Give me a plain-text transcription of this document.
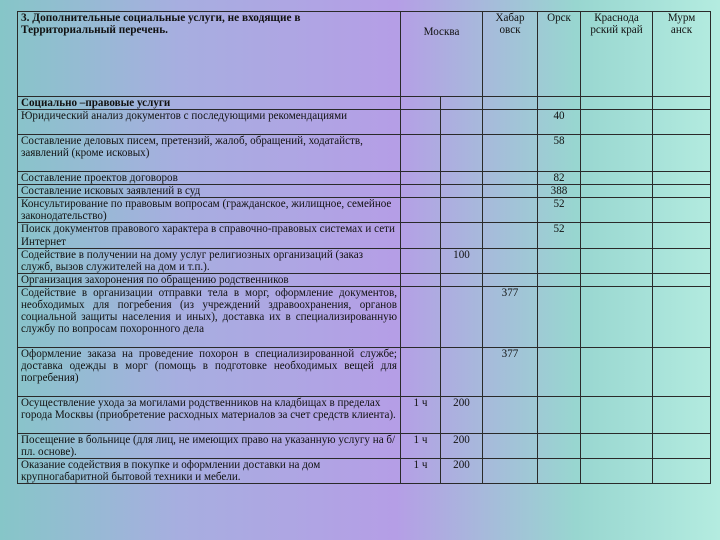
3. Дополнительные социальные услуги, не входящие в Территориальный перечень.	Москва		Хабар овск	Орск	Краснода рский край	Мурм анск
Социально –правовые услуги						
Юридический анализ документов с последующими рекомендациями				40		
Составление деловых писем, претензий, жалоб, обращений, ходатайств, заявлений (кроме исковых)				58		
Составление проектов договоров				82		
Составление исковых заявлений в суд				388		
Консультирование по правовым вопросам (гражданское, жилищное, семейное законодательство)				52		
Поиск документов правового характера в справочно-правовых системах и сети Интернет				52		
Содействие в получении на дому услуг религиозных организаций (заказ служб, вызов служителей на дом и т.п.).		100				
Организация захоронения по обращению родственников						
Содействие в организации отправки тела в морг, оформление документов, необходимых для погребения (из учреждений здравоохранения, органов социальной защиты населения и иных), доставка их в специализированную службу по вопросам похоронного дела			377			
Оформление заказа на проведение похорон в специализированной службе; доставка одежды в морг (помощь в подготовке необходимых вещей для погребения)			377			
Осуществление ухода за могилами родственников на кладбищах в пределах города Москвы (приобретение расходных материалов за счет средств клиента).	1 ч	200				
Посещение в больнице (для лиц, не имеющих право на указанную услугу на б/пл. основе).	1 ч	200				
Оказание содействия в покупке и оформлении доставки на дом крупногабаритной бытовой техники и мебели.	1 ч	200				
